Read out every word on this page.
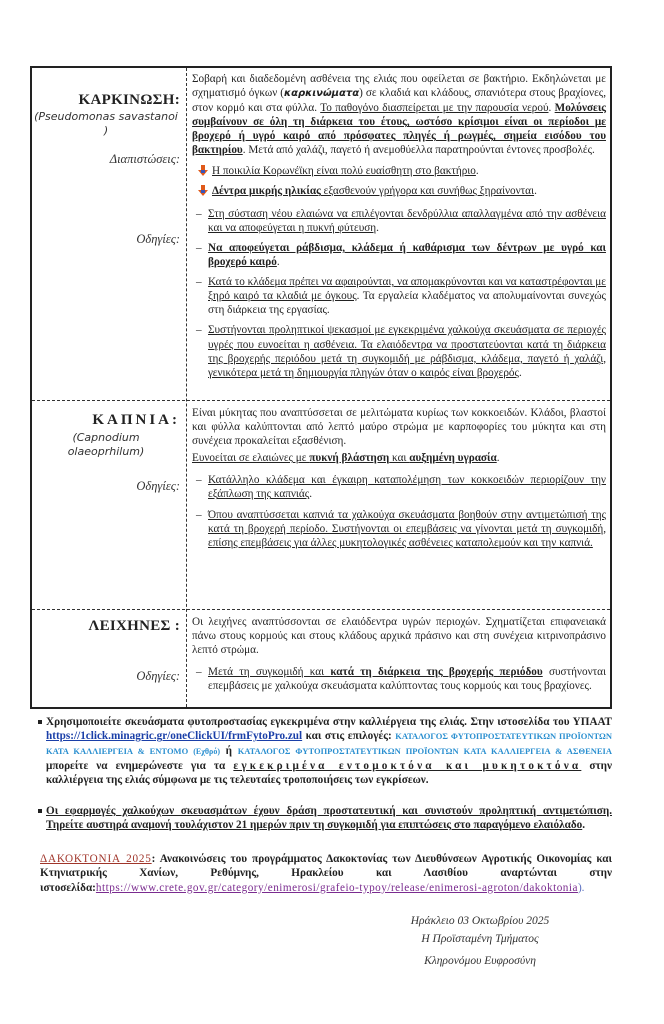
ΚΑΡΚΙΝΩΣΗ:
(Pseudomonas savastanoi )
Διαπιστώσεις:
Οδηγίες:

Σοβαρή και διαδεδομένη ασθένεια της ελιάς που οφείλεται σε βακτήριο. Εκδηλώνεται με σχηματισμό όγκων (καρκινώματα) σε κλαδιά και κλάδους, σπανιότερα στους βραχίονες, στον κορμό και στα φύλλα. Το παθογόνο διασπείρεται με την παρουσία νερού. Μολύνσεις συμβαίνουν σε όλη τη διάρκεια του έτους, ωστόσο κρίσιμοι είναι οι περίοδοι με βροχερό ή υγρό καιρό από πρόσφατες πληγές ή ρωγμές, σημεία εισόδου του βακτηρίου. Μετά από χαλάζι, παγετό ή ανεμοθύελλα παρατηρούνται έντονες προσβολές.

Η ποικιλία Κορωνέϊκη είναι πολύ ευαίσθητη στο βακτήριο.
Δέντρα μικρής ηλικίας εξασθενούν γρήγορα και συνήθως ξηραίνονται.
– Στη σύσταση νέου ελαιώνα να επιλέγονται δενδρύλλια απαλλαγμένα από την ασθένεια και να αποφεύγεται η πυκνή φύτευση.
– Να αποφεύγεται ράβδισμα, κλάδεμα ή καθάρισμα των δέντρων με υγρό και βροχερό καιρό.
– Κατά το κλάδεμα πρέπει να αφαιρούνται, να απομακρύνονται και να καταστρέφονται με ξηρό καιρό τα κλαδιά με όγκους. Τα εργαλεία κλαδέματος να απολυμαίνονται συνεχώς στη διάρκεια της εργασίας.
– Συστήνονται προληπτικοί ψεκασμοί με εγκεκριμένα χαλκούχα σκευάσματα σε περιοχές υγρές που ευνοείται η ασθένεια. Τα ελαιόδεντρα να προστατεύονται κατά τη διάρκεια της βροχερής περιόδου μετά τη συγκομιδή με ράβδισμα, κλάδεμα, παγετό ή χαλάζι, γενικότερα μετά τη δημιουργία πληγών όταν ο καιρός είναι βροχερός.
ΚΑΠΝΙΑ:
(Capnodium
olaeoprhilum)
Οδηγίες:

Είναι μύκητας που αναπτύσσεται σε μελιτώματα κυρίως των κοκκοειδών. Κλάδοι, βλαστοί και φύλλα καλύπτονται από λεπτό μαύρο στρώμα με καρποφορίες του μύκητα και στη συνέχεια προκαλείται εξασθένιση.

Ευνοείται σε ελαιώνες με πυκνή βλάστηση και αυξημένη υγρασία.

– Κατάλληλο κλάδεμα και έγκαιρη καταπολέμηση των κοκκοειδών περιορίζουν την εξάπλωση της καπνιάς.
– Όπου αναπτύσσεται καπνιά τα χαλκούχα σκευάσματα βοηθούν στην αντιμετώπισή της κατά τη βροχερή περίοδο. Συστήνονται οι επεμβάσεις να γίνονται μετά τη συγκομιδή, επίσης επεμβάσεις για άλλες μυκητολογικές ασθένειες καταπολεμούν και την καπνιά.
ΛΕΙΧΗΝΕΣ :
Οδηγίες:

Οι λειχήνες αναπτύσσονται σε ελαιόδεντρα υγρών περιοχών. Σχηματίζεται επιφανειακά πάνω στους κορμούς και στους κλάδους αρχικά πράσινο και στη συνέχεια κιτρινοπράσινο λεπτό στρώμα.

– Μετά τη συγκομιδή και κατά τη διάρκεια της βροχερής περιόδου συστήνονται επεμβάσεις με χαλκούχα σκευάσματα καλύπτοντας τους κορμούς και τους βραχίονες.
Χρησιμοποιείτε σκευάσματα φυτοπροστασίας εγκεκριμένα στην καλλιέργεια της ελιάς. Στην ιστοσελίδα του ΥΠΑΑΤ https://1click.minagric.gr/oneClickUI/frmFytoPro.zul και στις επιλογές: ΚΑΤΑΛΟΓΟΣ ΦΥΤΟΠΡΟΣΤΑΤΕΥΤΙΚΩΝ ΠΡΟΪΟΝΤΩΝ ΚΑΤΑ ΚΑΛΛΙΕΡΓΕΙΑ & ΕΝΤΟΜΟ (Εχθρό) ή ΚΑΤΑΛΟΓΟΣ ΦΥΤΟΠΡΟΣΤΑΤΕΥΤΙΚΩΝ ΠΡΟΪΟΝΤΩΝ ΚΑΤΑ ΚΑΛΛΙΕΡΓΕΙΑ & ΑΣΘΕΝΕΙΑ μπορείτε να ενημερώνεστε για τα εγκεκριμένα εντομοκτόνα και μυκητοκτόνα στην καλλιέργεια της ελιάς σύμφωνα με τις τελευταίες τροποποιήσεις των εγκρίσεων.
Οι εφαρμογές χαλκούχων σκευασμάτων έχουν δράση προστατευτική και συνιστούν προληπτική αντιμετώπιση. Τηρείτε αυστηρά αναμονή τουλάχιστον 21 ημερών πριν τη συγκομιδή για επιπτώσεις στο παραγόμενο ελαιόλαδο.
ΔΑΚΟΚΤΟΝΙΑ 2025: Ανακοινώσεις του προγράμματος Δακοκτονίας των Διευθύνσεων Αγροτικής Οικονομίας και Κτηνιατρικής Χανίων, Ρεθύμνης, Ηρακλείου και Λασιθίου αναρτώνται στην ιστοσελίδα:https://www.crete.gov.gr/category/enimerosi/grafeio-typoy/release/enimerosi-agroton/dakoktonia).
Ηράκλειο 03 Οκτωβρίου 2025
Η Προϊσταμένη Τμήματος
Κληρονόμου Ευφροσύνη
